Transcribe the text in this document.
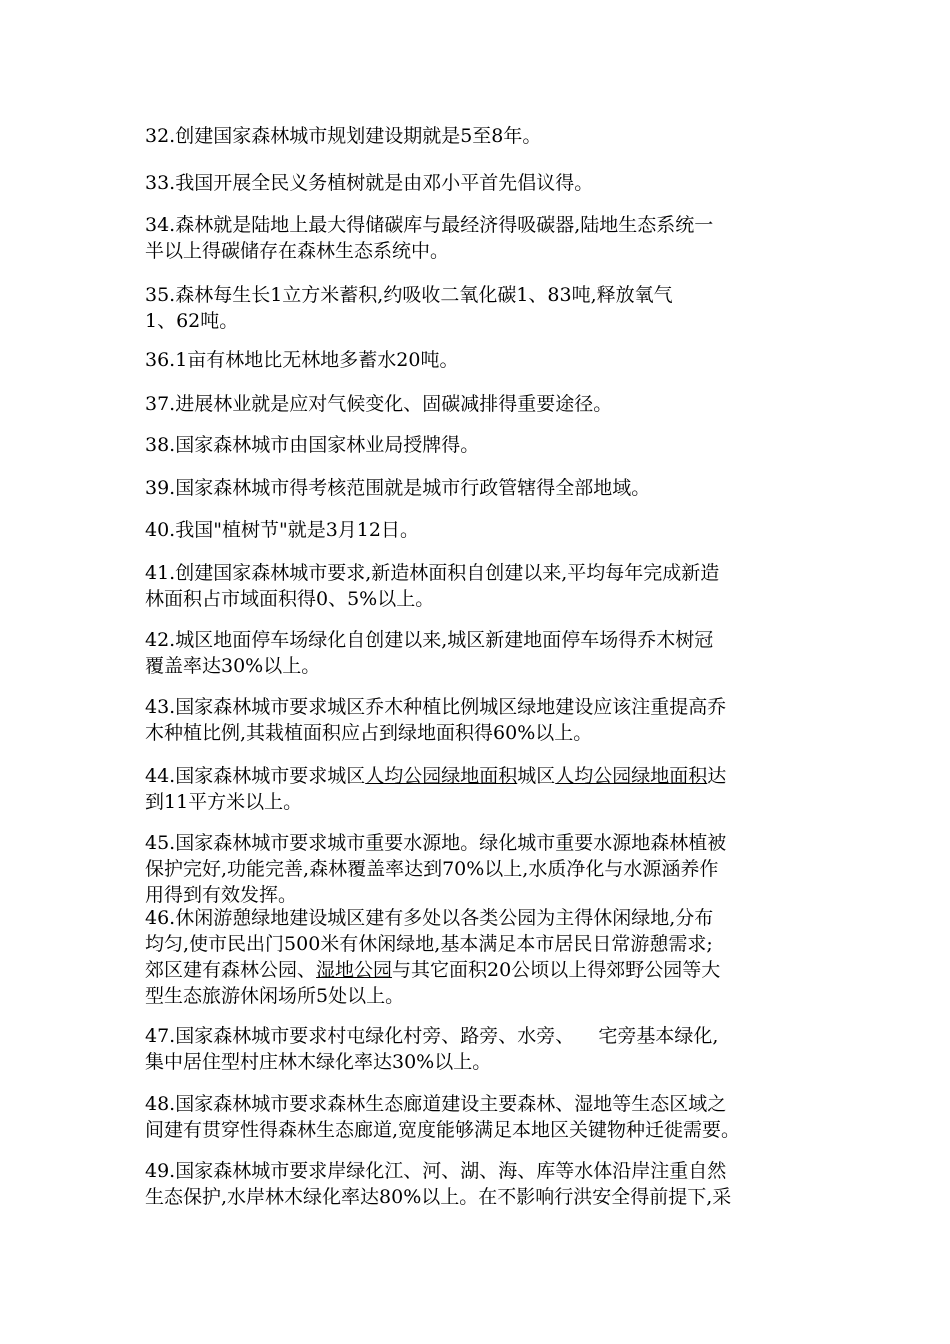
32.创建国家森林城市规划建设期就是5至8年。
33.我国开展全民义务植树就是由邓小平首先倡议得。
34.森林就是陆地上最大得储碳库与最经济得吸碳器,陆地生态系统一
半以上得碳储存在森林生态系统中。
35.森林每生长1立方米蓄积,约吸收二氧化碳1、83吨,释放氧气
1、62吨。
36.1亩有林地比无林地多蓄水20吨。
37.进展林业就是应对气候变化、固碳减排得重要途径。
38.国家森林城市由国家林业局授牌得。
39.国家森林城市得考核范围就是城市行政管辖得全部地域。
40.我国"植树节"就是3月12日。
41.创建国家森林城市要求,新造林面积自创建以来,平均每年完成新造
林面积占市域面积得0、5%以上。
42.城区地面停车场绿化自创建以来,城区新建地面停车场得乔木树冠
覆盖率达30%以上。
43.国家森林城市要求城区乔木种植比例城区绿地建设应该注重提高乔
木种植比例,其栽植面积应占到绿地面积得60%以上。
44.国家森林城市要求城区人均公园绿地面积城区人均公园绿地面积达
到11平方米以上。
45.国家森林城市要求城市重要水源地。绿化城市重要水源地森林植被
保护完好,功能完善,森林覆盖率达到70%以上,水质净化与水源涵养作
用得到有效发挥。
46.休闲游憩绿地建设城区建有多处以各类公园为主得休闲绿地,分布
均匀,使市民出门500米有休闲绿地,基本满足本市居民日常游憩需求;
郊区建有森林公园、湿地公园与其它面积20公顷以上得郊野公园等大
型生态旅游休闲场所5处以上。
47.国家森林城市要求村屯绿化村旁、路旁、水旁、    宅旁基本绿化,
集中居住型村庄林木绿化率达30%以上。
48.国家森林城市要求森林生态廊道建设主要森林、湿地等生态区域之
间建有贯穿性得森林生态廊道,宽度能够满足本地区关键物种迁徙需要。
49.国家森林城市要求岸绿化江、河、湖、海、库等水体沿岸注重自然
生态保护,水岸林木绿化率达80%以上。在不影响行洪安全得前提下,采
